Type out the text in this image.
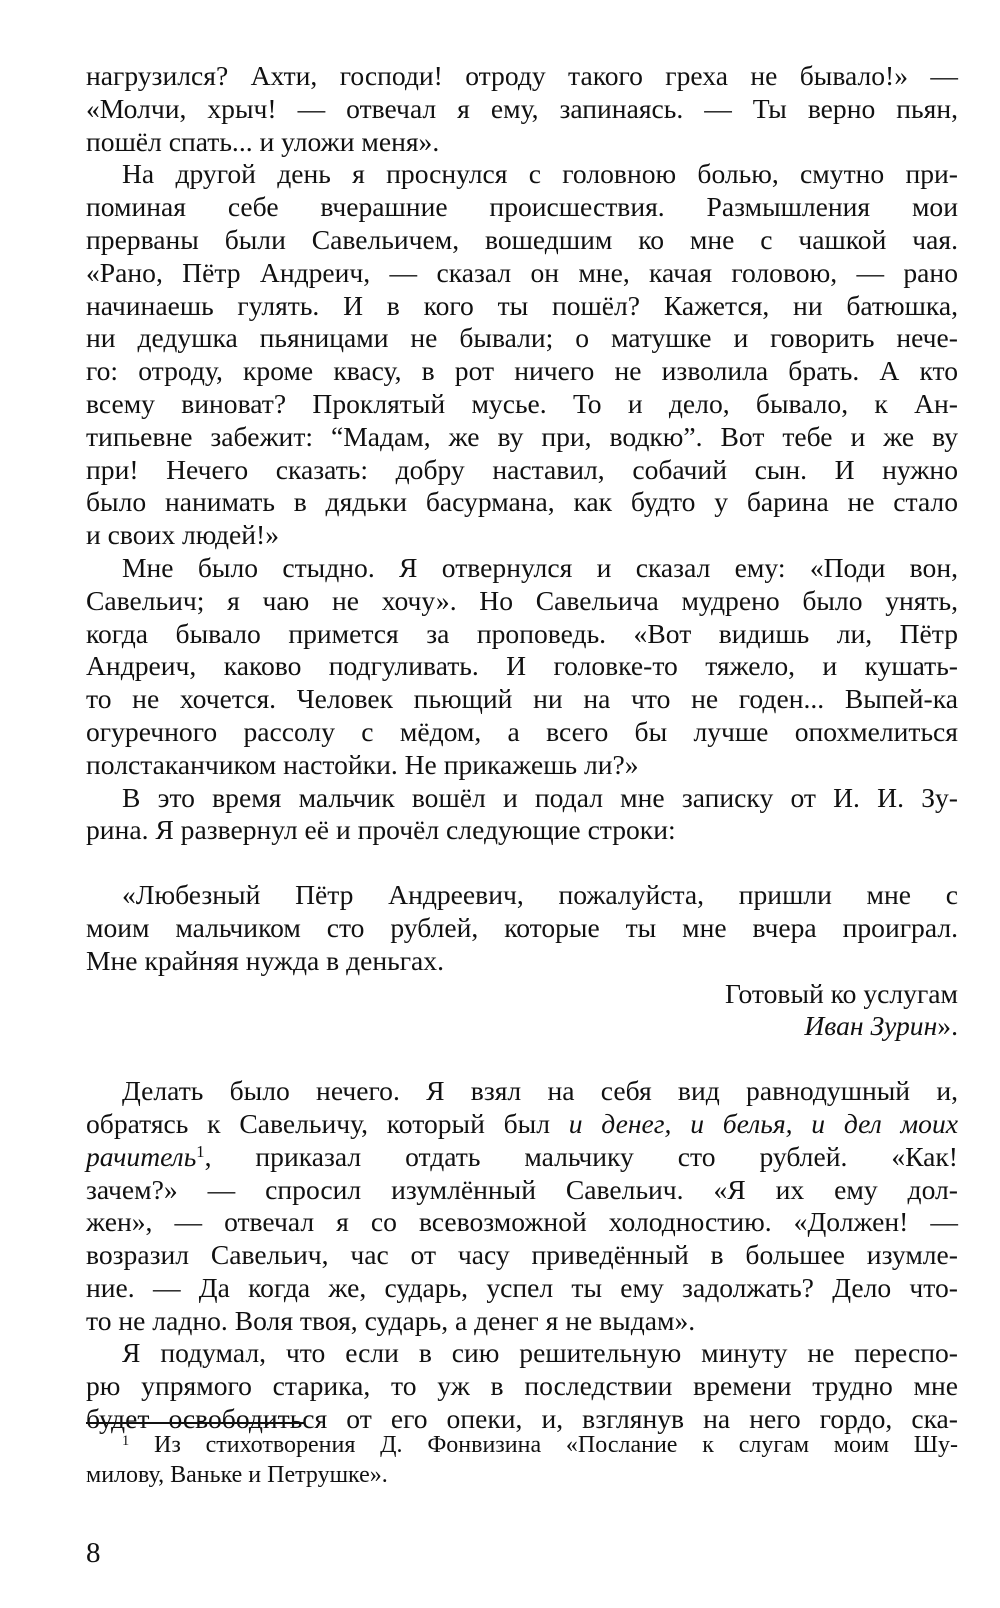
нагрузился? Ахти, господи! отроду такого греха не бывало!» —
«Молчи, хрыч! — отвечал я ему, запинаясь. — Ты верно пьян,
пошёл спать... и уложи меня».
На другой день я проснулся с головною болью, смутно при-
поминая себе вчерашние происшествия. Размышления мои
прерваны были Савельичем, вошедшим ко мне с чашкой чая.
«Рано, Пётр Андреич, — сказал он мне, качая головою, — рано
начинаешь гулять. И в кого ты пошёл? Кажется, ни батюшка,
ни дедушка пьяницами не бывали; о матушке и говорить нече-
го: отроду, кроме квасу, в рот ничего не изволила брать. А кто
всему виноват? Проклятый мусье. То и дело, бывало, к Ан-
типьевне забежит: “Мадам, же ву при, водкю”. Вот тебе и же ву
при! Нечего сказать: добру наставил, собачий сын. И нужно
было нанимать в дядьки басурмана, как будто у барина не стало
и своих людей!»
Мне было стыдно. Я отвернулся и сказал ему: «Поди вон,
Савельич; я чаю не хочу». Но Савельича мудрено было унять,
когда бывало примется за проповедь. «Вот видишь ли, Пётр
Андреич, каково подгуливать. И головке-то тяжело, и кушать-
то не хочется. Человек пьющий ни на что не годен... Выпей-ка
огуречного рассолу с мёдом, а всего бы лучше опохмелиться
полстаканчиком настойки. Не прикажешь ли?»
В это время мальчик вошёл и подал мне записку от И. И. Зу-
рина. Я развернул её и прочёл следующие строки:
«Любезный Пётр Андреевич, пожалуйста, пришли мне с
моим мальчиком сто рублей, которые ты мне вчера проиграл.
Мне крайняя нужда в деньгах.
Готовый ко услугам
Иван Зурин».
Делать было нечего. Я взял на себя вид равнодушный и,
обратясь к Савельичу, который был и денег, и белья, и дел моих
рачитель$^1$, приказал отдать мальчику сто рублей. «Как!
зачем?» — спросил изумлённый Савельич. «Я их ему дол-
жен», — отвечал я со всевозможной холодностию. «Должен! —
возразил Савельич, час от часу приведённый в большее изумле-
ние. — Да когда же, сударь, успел ты ему задолжать? Дело что-
то не ладно. Воля твоя, сударь, а денег я не выдам».
Я подумал, что если в сию решительную минуту не переспо-
рю упрямого старика, то уж в последствии времени трудно мне
будет освободиться от его опеки, и, взглянув на него гордо, ска-
$^1$ Из стихотворения Д. Фонвизина «Послание к слугам моим Шу-
милову, Ваньке и Петрушке».
8
